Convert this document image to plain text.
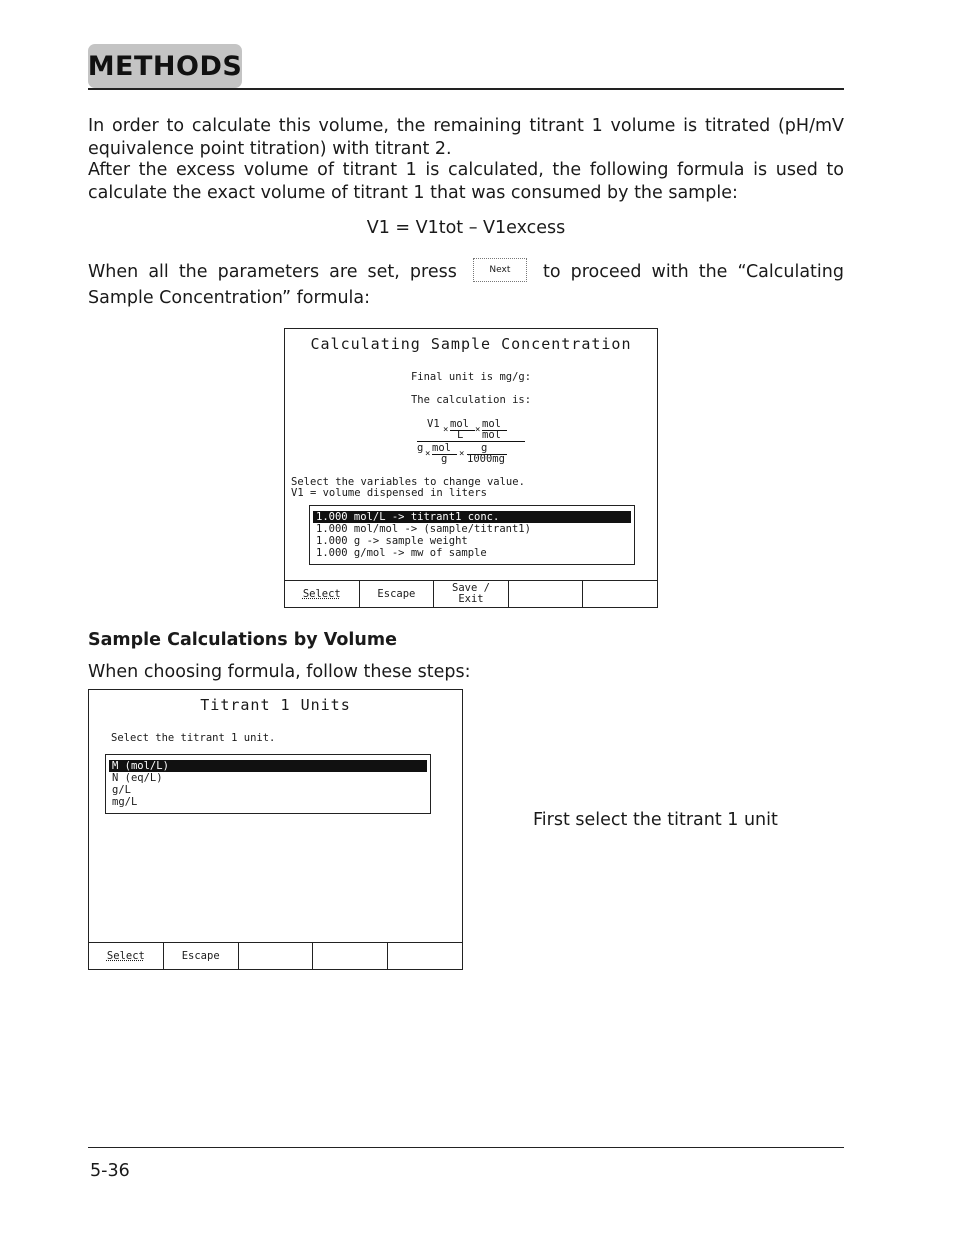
METHODS

In order to calculate this volume, the remaining titrant 1 volume is titrated (pH/mV equivalence point titration) with titrant 2.

After the excess volume of titrant 1 is calculated, the following formula is used to calculate the exact volume of titrant 1 that was consumed by the sample:

V1 = V1tot – V1excess

When all the parameters are set, press	Next to proceed with the “Calculating Sample Concentration” formula:

Calculating Sample Concentration
Final unit is mg/g:
The calculation is:
V1 × mol
L × mol
mol
g × mol
g × g
1000mg
Select the variables to change value.
V1 = volume dispensed in liters
1.000 mol/L -> titrant1 conc.
1.000 mol/mol -> (sample/titrant1)
1.000 g -> sample weight
1.000 g/mol -> mw of sample
Select	Escape	Save /
Exit
Sample Calculations by Volume
When choosing formula, follow these steps:
Titrant 1 Units
Select the titrant 1 unit.
M (mol/L)
N (eq/L)
g/L
mg/L
Select	Escape
First select the titrant 1 unit
5-36
